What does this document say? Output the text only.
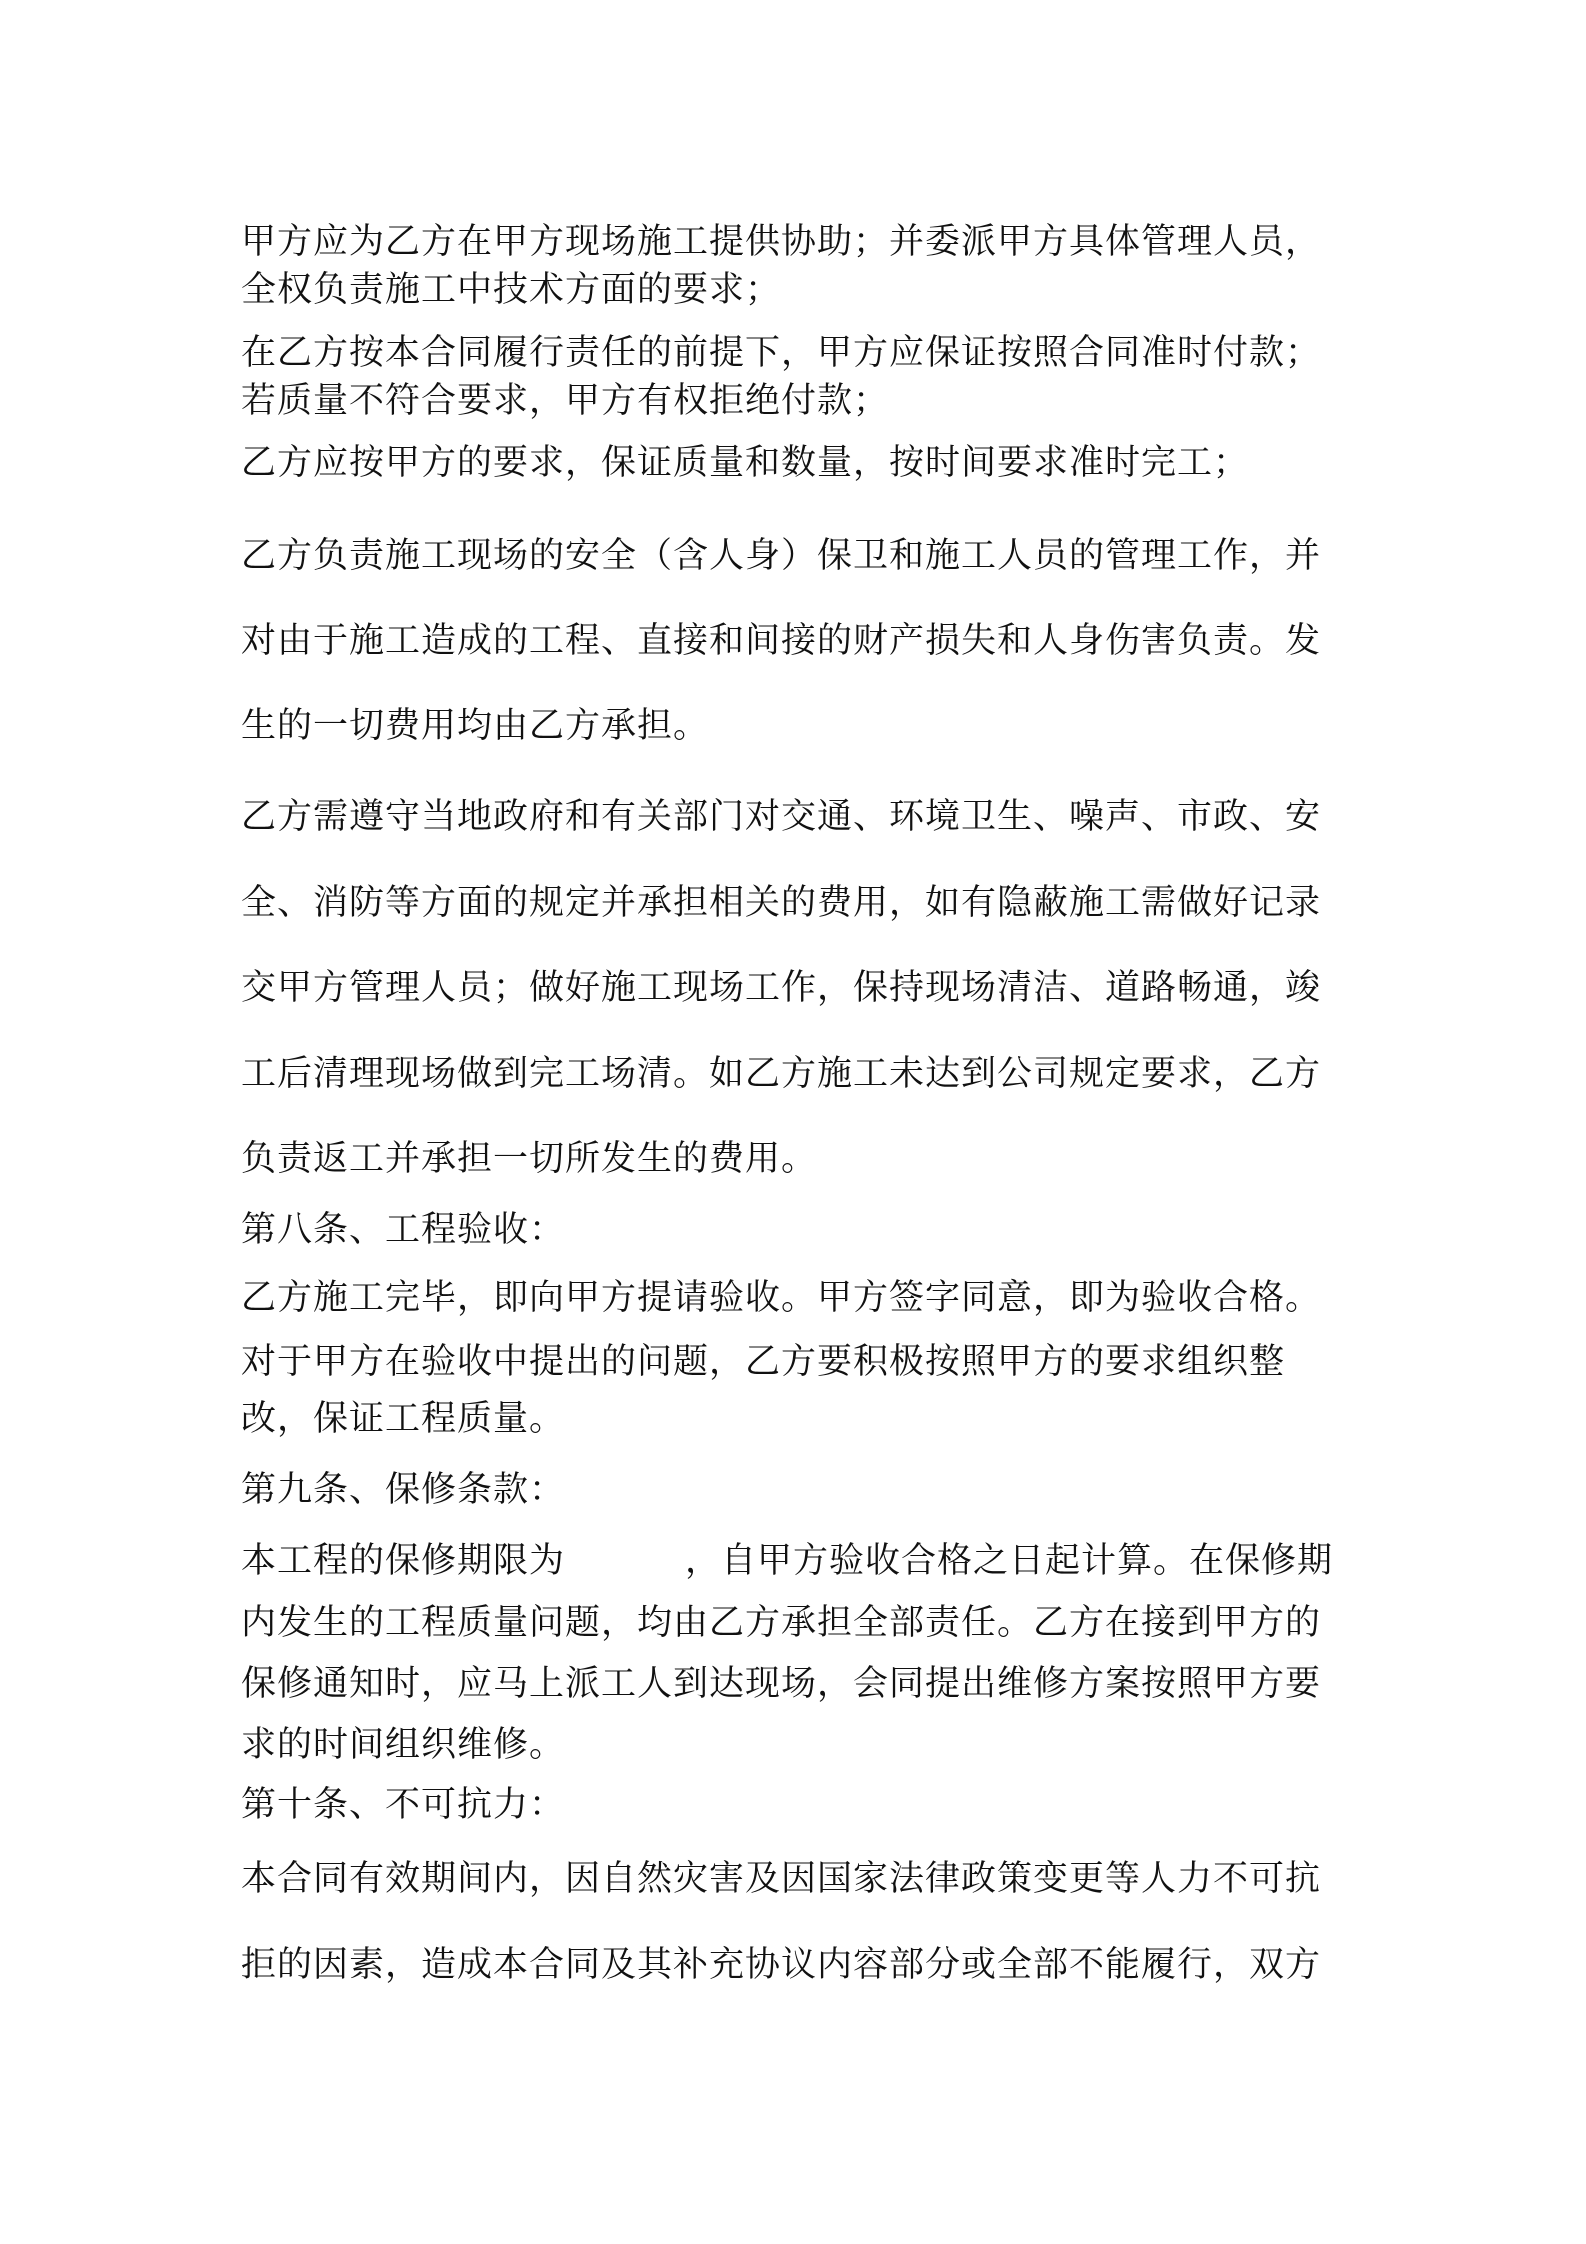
甲方应为乙方在甲方现场施工提供协助；并委派甲方具体管理人员，
全权负责施工中技术方面的要求；
在乙方按本合同履行责任的前提下，甲方应保证按照合同准时付款；
若质量不符合要求，甲方有权拒绝付款；
乙方应按甲方的要求，保证质量和数量，按时间要求准时完工；
乙方负责施工现场的安全（含人身）保卫和施工人员的管理工作，并
对由于施工造成的工程、直接和间接的财产损失和人身伤害负责。发
生的一切费用均由乙方承担。
乙方需遵守当地政府和有关部门对交通、环境卫生、噪声、市政、安
全、消防等方面的规定并承担相关的费用，如有隐蔽施工需做好记录
交甲方管理人员；做好施工现场工作，保持现场清洁、道路畅通，竣
工后清理现场做到完工场清。如乙方施工未达到公司规定要求，乙方
负责返工并承担一切所发生的费用。
第八条、工程验收：
乙方施工完毕，即向甲方提请验收。甲方签字同意，即为验收合格。
对于甲方在验收中提出的问题，乙方要积极按照甲方的要求组织整
改，保证工程质量。
第九条、保修条款：
本工程的保修期限为	，自甲方验收合格之日起计算。在保修期
内发生的工程质量问题，均由乙方承担全部责任。乙方在接到甲方的
保修通知时，应马上派工人到达现场，会同提出维修方案按照甲方要
求的时间组织维修。
第十条、不可抗力：
本合同有效期间内，因自然灾害及因国家法律政策变更等人力不可抗
拒的因素，造成本合同及其补充协议内容部分或全部不能履行，双方
